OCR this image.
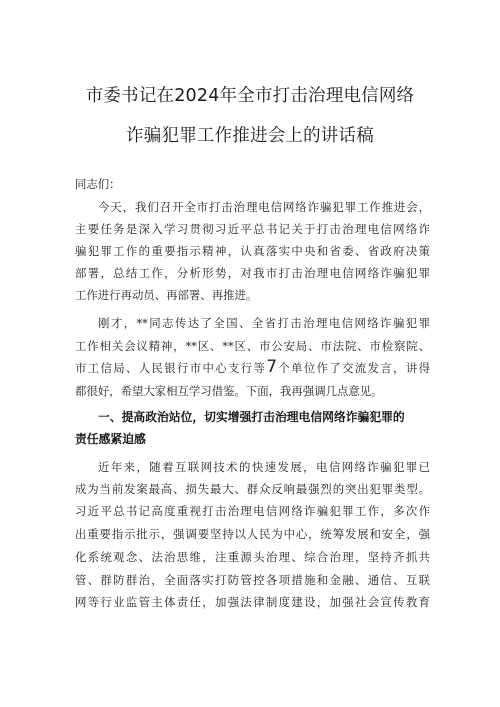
市委书记在2024年全市打击治理电信网络
诈骗犯罪工作推进会上的讲话稿
同志们：
今天，我们召开全市打击治理电信网络诈骗犯罪工作推进会，
主要任务是深入学习贯彻习近平总书记关于打击治理电信网络诈
骗犯罪工作的重要指示精神，认真落实中央和省委、省政府决策
部署，总结工作，分析形势，对我市打击治理电信网络诈骗犯罪
工作进行再动员、再部署、再推进。
刚才，**同志传达了全国、全省打击治理电信网络诈骗犯罪
工作相关会议精神，**区、**区、市公安局、市法院、市检察院、
市工信局、人民银行市中心支行等7个单位作了交流发言，讲得
都很好，希望大家相互学习借鉴。下面，我再强调几点意见。
一、提高政治站位，切实增强打击治理电信网络诈骗犯罪的
责任感紧迫感
近年来，随着互联网技术的快速发展，电信网络诈骗犯罪已
成为当前发案最高、损失最大、群众反响最强烈的突出犯罪类型。
习近平总书记高度重视打击治理电信网络诈骗犯罪工作，多次作
出重要指示批示，强调要坚持以人民为中心，统筹发展和安全，强
化系统观念、法治思维，注重源头治理、综合治理，坚持齐抓共
管、群防群治，全面落实打防管控各项措施和金融、通信、互联
网等行业监管主体责任，加强法律制度建设，加强社会宣传教育
